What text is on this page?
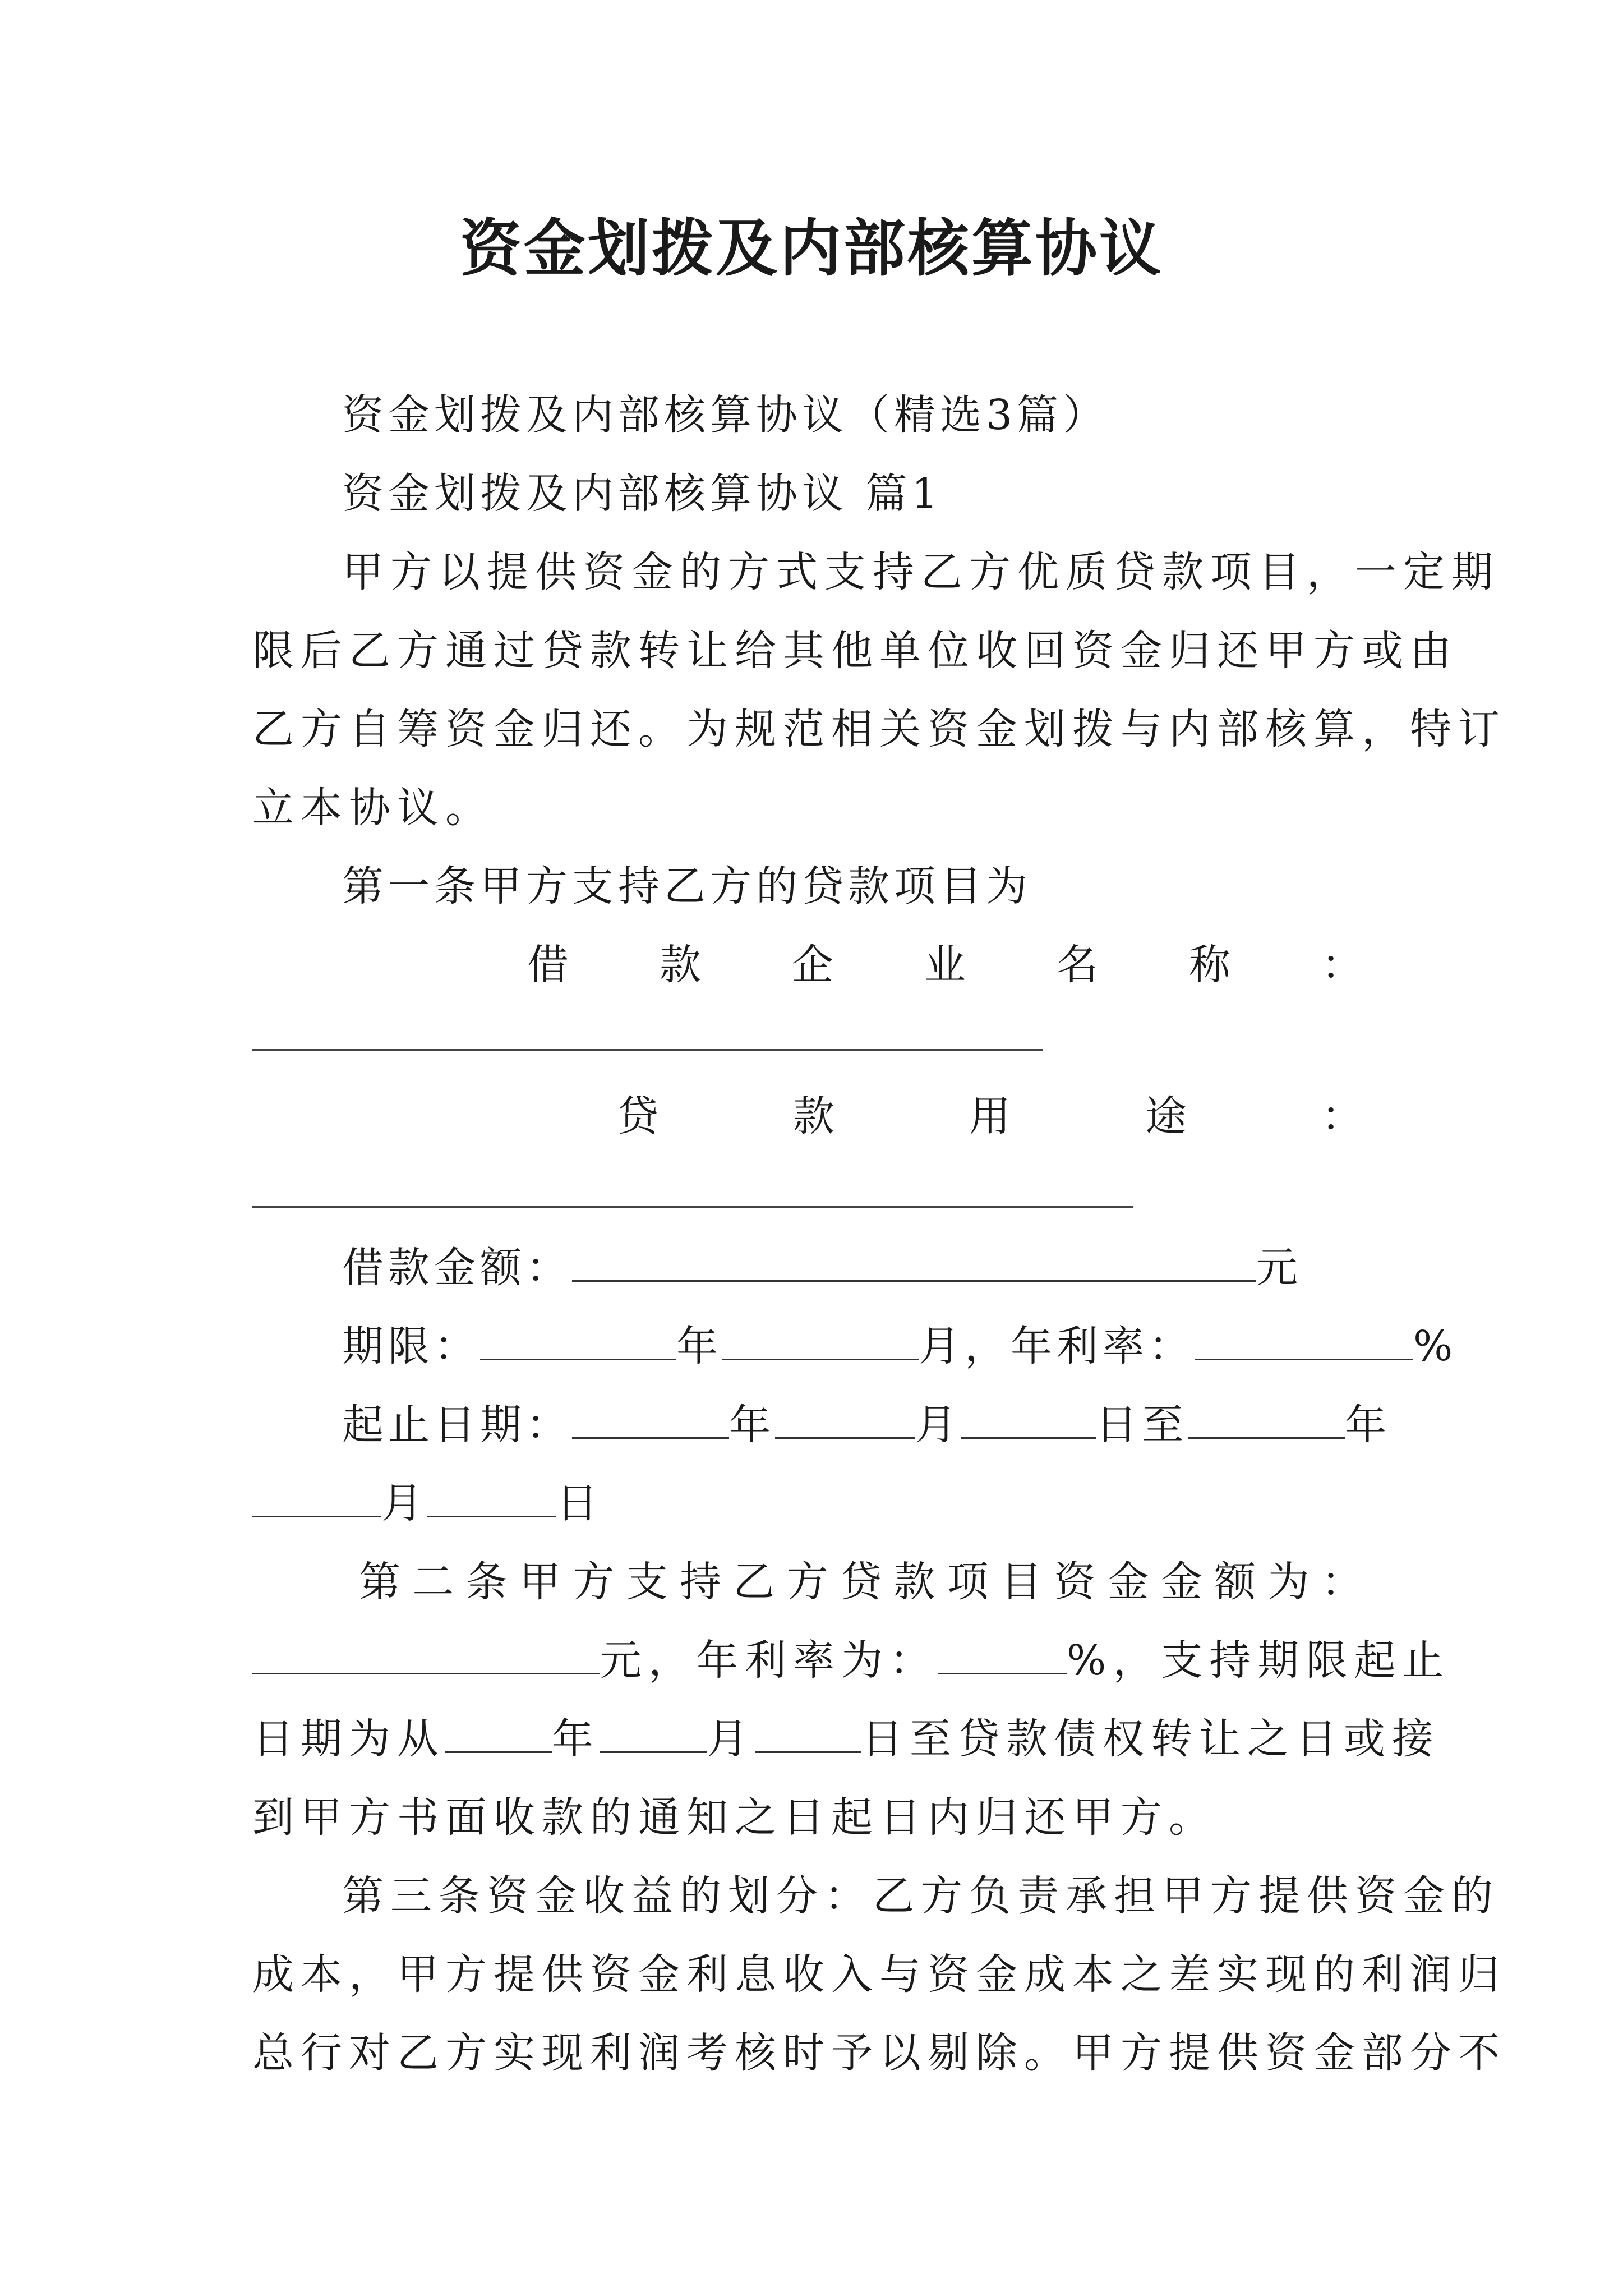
资金划拨及内部核算协议

资金划拨及内部核算协议（精选3篇）

资金划拨及内部核算协议 篇1

甲方以提供资金的方式支持乙方优质贷款项目，一定期

限后乙方通过贷款转让给其他单位收回资金归还甲方或由

乙方自筹资金归还。为规范相关资金划拨与内部核算，特订

立本协议。

第一条甲方支持乙方的贷款项目为

借 款 企 业 名 称 ：
贷	款	用	途	：

借款金额：	元

期限：	年	月，年利率：	%

起止日期：	年	月	日至	年

月	日

第 二 条 甲 方 支 持 乙 方 贷 款 项 目 资 金 金 额 为 ：

元，年利率为：	%，支持期限起止

日期为从	年	月	日至贷款债权转让之日或接

到甲方书面收款的通知之日起日内归还甲方。

第三条资金收益的划分：乙方负责承担甲方提供资金的

成本，甲方提供资金利息收入与资金成本之差实现的利润归

总行对乙方实现利润考核时予以剔除。甲方提供资金部分不
